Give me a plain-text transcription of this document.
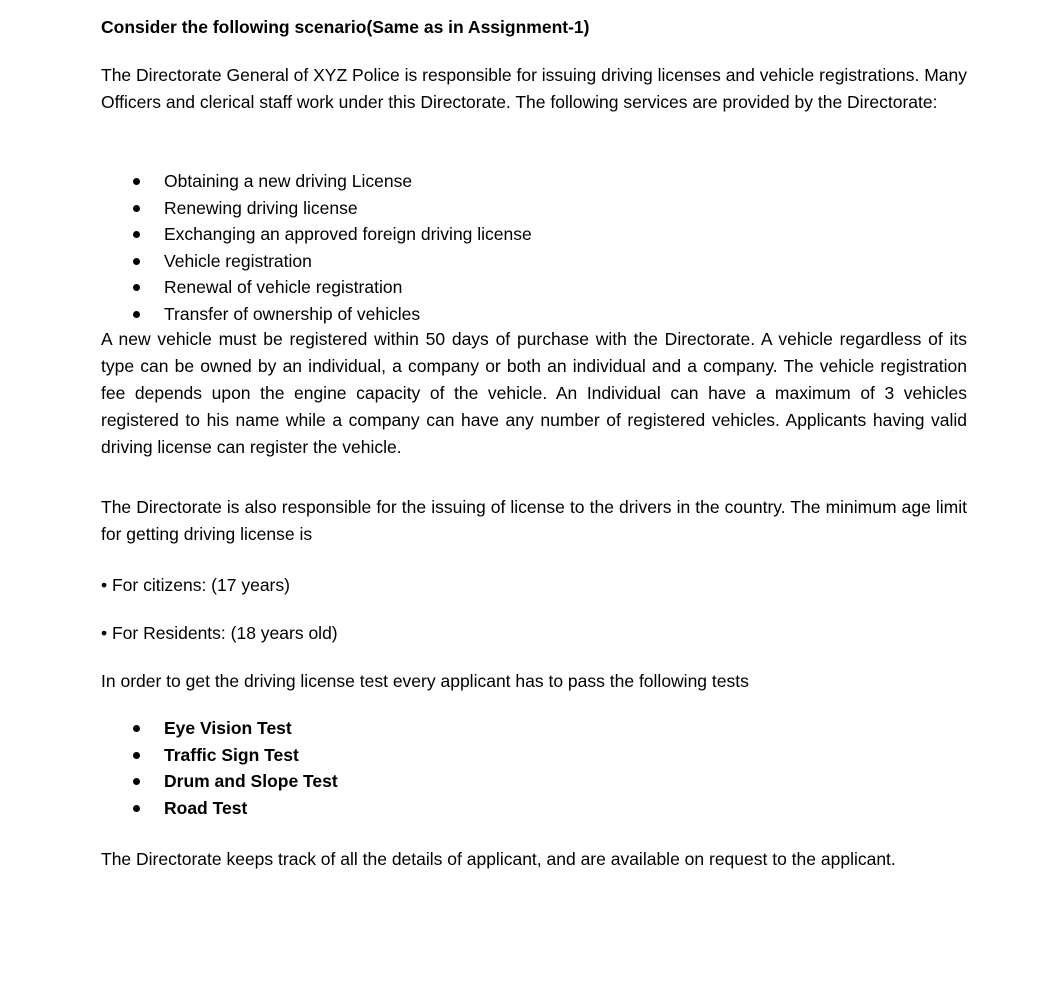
Consider the following scenario(Same as in Assignment-1)
The Directorate General of XYZ Police is responsible for issuing driving licenses and vehicle registrations. Many Officers and clerical staff work under this Directorate. The following services are provided by the Directorate:
Obtaining a new driving License
Renewing driving license
Exchanging an approved foreign driving license
Vehicle registration
Renewal of vehicle registration
Transfer of ownership of vehicles
A new vehicle must be registered within 50 days of purchase with the Directorate. A vehicle regardless of its type can be owned by an individual, a company or both an individual and a company. The vehicle registration fee depends upon the engine capacity of the vehicle. An Individual can have a maximum of 3 vehicles registered to his name while a company can have any number of registered vehicles. Applicants having valid driving license can register the vehicle.
The Directorate is also responsible for the issuing of license to the drivers in the country. The minimum age limit for getting driving license is
• For citizens: (17 years)
• For Residents: (18 years old)
In order to get the driving license test every applicant has to pass the following tests
Eye Vision Test
Traffic Sign Test
Drum and Slope Test
Road Test
The Directorate keeps track of all the details of applicant, and are available on request to the applicant.
